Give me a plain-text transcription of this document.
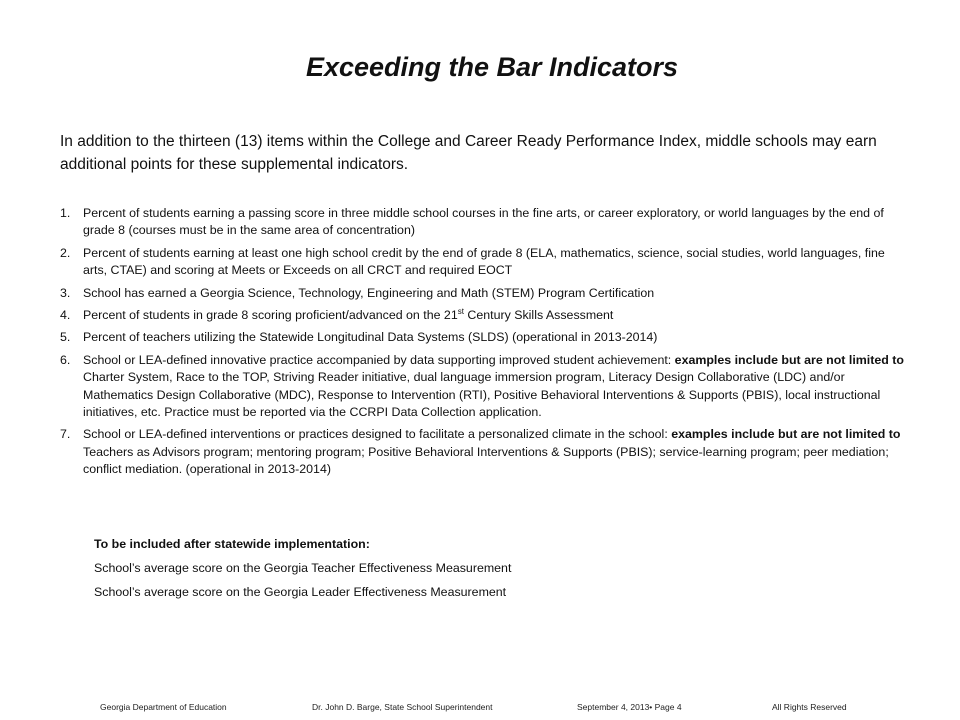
Exceeding the Bar Indicators
In addition to the thirteen (13) items within the College and Career Ready Performance Index, middle schools may earn additional points for these supplemental indicators.
1. Percent of students earning a passing score in three middle school courses in the fine arts, or career exploratory, or world languages by the end of grade 8 (courses must be in the same area of concentration)
2. Percent of students earning at least one high school credit by the end of grade 8 (ELA, mathematics, science, social studies, world languages, fine arts, CTAE) and scoring at Meets or Exceeds on all CRCT and required EOCT
3. School has earned a Georgia Science, Technology, Engineering and Math (STEM) Program Certification
4. Percent of students in grade 8 scoring proficient/advanced on the 21st Century Skills Assessment
5. Percent of teachers utilizing the Statewide Longitudinal Data Systems (SLDS) (operational in 2013-2014)
6. School or LEA-defined innovative practice accompanied by data supporting improved student achievement: examples include but are not limited to Charter System, Race to the TOP, Striving Reader initiative, dual language immersion program, Literacy Design Collaborative (LDC) and/or Mathematics Design Collaborative (MDC), Response to Intervention (RTI), Positive Behavioral Interventions & Supports (PBIS), local instructional initiatives, etc. Practice must be reported via the CCRPI Data Collection application.
7. School or LEA-defined interventions or practices designed to facilitate a personalized climate in the school: examples include but are not limited to Teachers as Advisors program; mentoring program; Positive Behavioral Interventions & Supports (PBIS); service-learning program; peer mediation; conflict mediation. (operational in 2013-2014)
To be included after statewide implementation:
School’s average score on the Georgia Teacher Effectiveness Measurement
School’s average score on the Georgia Leader Effectiveness Measurement
Georgia Department of Education	Dr. John D. Barge, State School Superintendent	September 4, 2013• Page 4	All Rights Reserved
